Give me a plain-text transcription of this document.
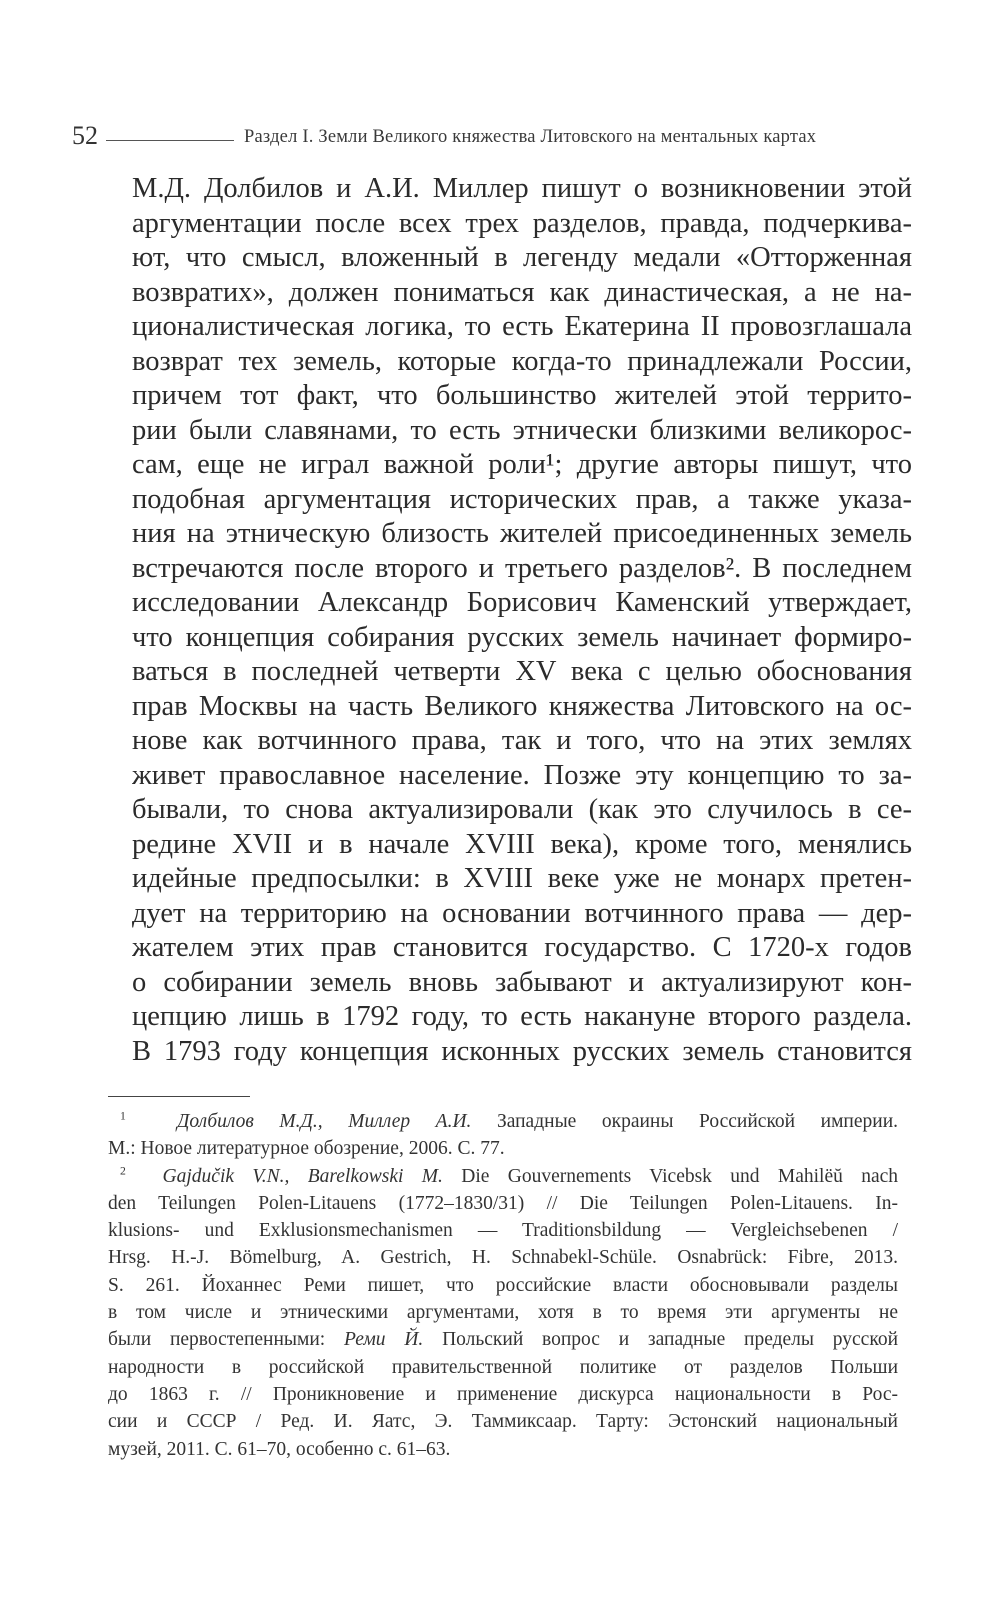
52	Раздел I. Земли Великого княжества Литовского на ментальных картах
М.Д. Долбилов и А.И. Миллер пишут о возникновении этой
аргументации после всех трех разделов, правда, подчеркива-
ют, что смысл, вложенный в легенду медали «Отторженная
возвратих», должен пониматься как династическая, а не на-
ционалистическая логика, то есть Екатерина II провозглашала
возврат тех земель, которые когда-то принадлежали России,
причем тот факт, что большинство жителей этой террито-
рии были славянами, то есть этнически близкими великорос-
сам, еще не играл важной роли¹; другие авторы пишут, что
подобная аргументация исторических прав, а также указа-
ния на этническую близость жителей присоединенных земель
встречаются после второго и третьего разделов². В последнем
исследовании Александр Борисович Каменский утверждает,
что концепция собирания русских земель начинает формиро-
ваться в последней четверти XV века с целью обоснования
прав Москвы на часть Великого княжества Литовского на ос-
нове как вотчинного права, так и того, что на этих землях
живет православное население. Позже эту концепцию то за-
бывали, то снова актуализировали (как это случилось в се-
редине XVII и в начале XVIII века), кроме того, менялись
идейные предпосылки: в XVIII веке уже не монарх претен-
дует на территорию на основании вотчинного права — дер-
жателем этих прав становится государство. С 1720-х годов
о собирании земель вновь забывают и актуализируют кон-
цепцию лишь в 1792 году, то есть накануне второго раздела.
В 1793 году концепция исконных русских земель становится
$^1$	Долбилов М.Д., Миллер А.И. Западные окраины Российской империи.
М.: Новое литературное обозрение, 2006. С. 77.
$^2$ Gajdučik V.N., Barelkowski M. Die Gouvernements Vicebsk und Mahilëŭ nach
den Teilungen Polen-Litauens (1772–1830/31) // Die Teilungen Polen-Litauens. In-
klusions- und Exklusionsmechanismen — Traditionsbildung — Vergleichsebenen /
Hrsg. H.-J. Bömelburg, A. Gestrich, H. Schnabekl-Schüle. Osnabrück: Fibre, 2013.
S. 261. Йоханнес Реми пишет, что российские власти обосновывали разделы
в том числе и этническими аргументами, хотя в то время эти аргументы не
были первостепенными: Реми Й. Польский вопрос и западные пределы русской
народности в российской правительственной политике от разделов Польши
до 1863 г. // Проникновение и применение дискурса национальности в Рос-
сии и СССР / Ред. И. Яатс, Э. Таммиксаар. Тарту: Эстонский национальный
музей, 2011. С. 61–70, особенно с. 61–63.
